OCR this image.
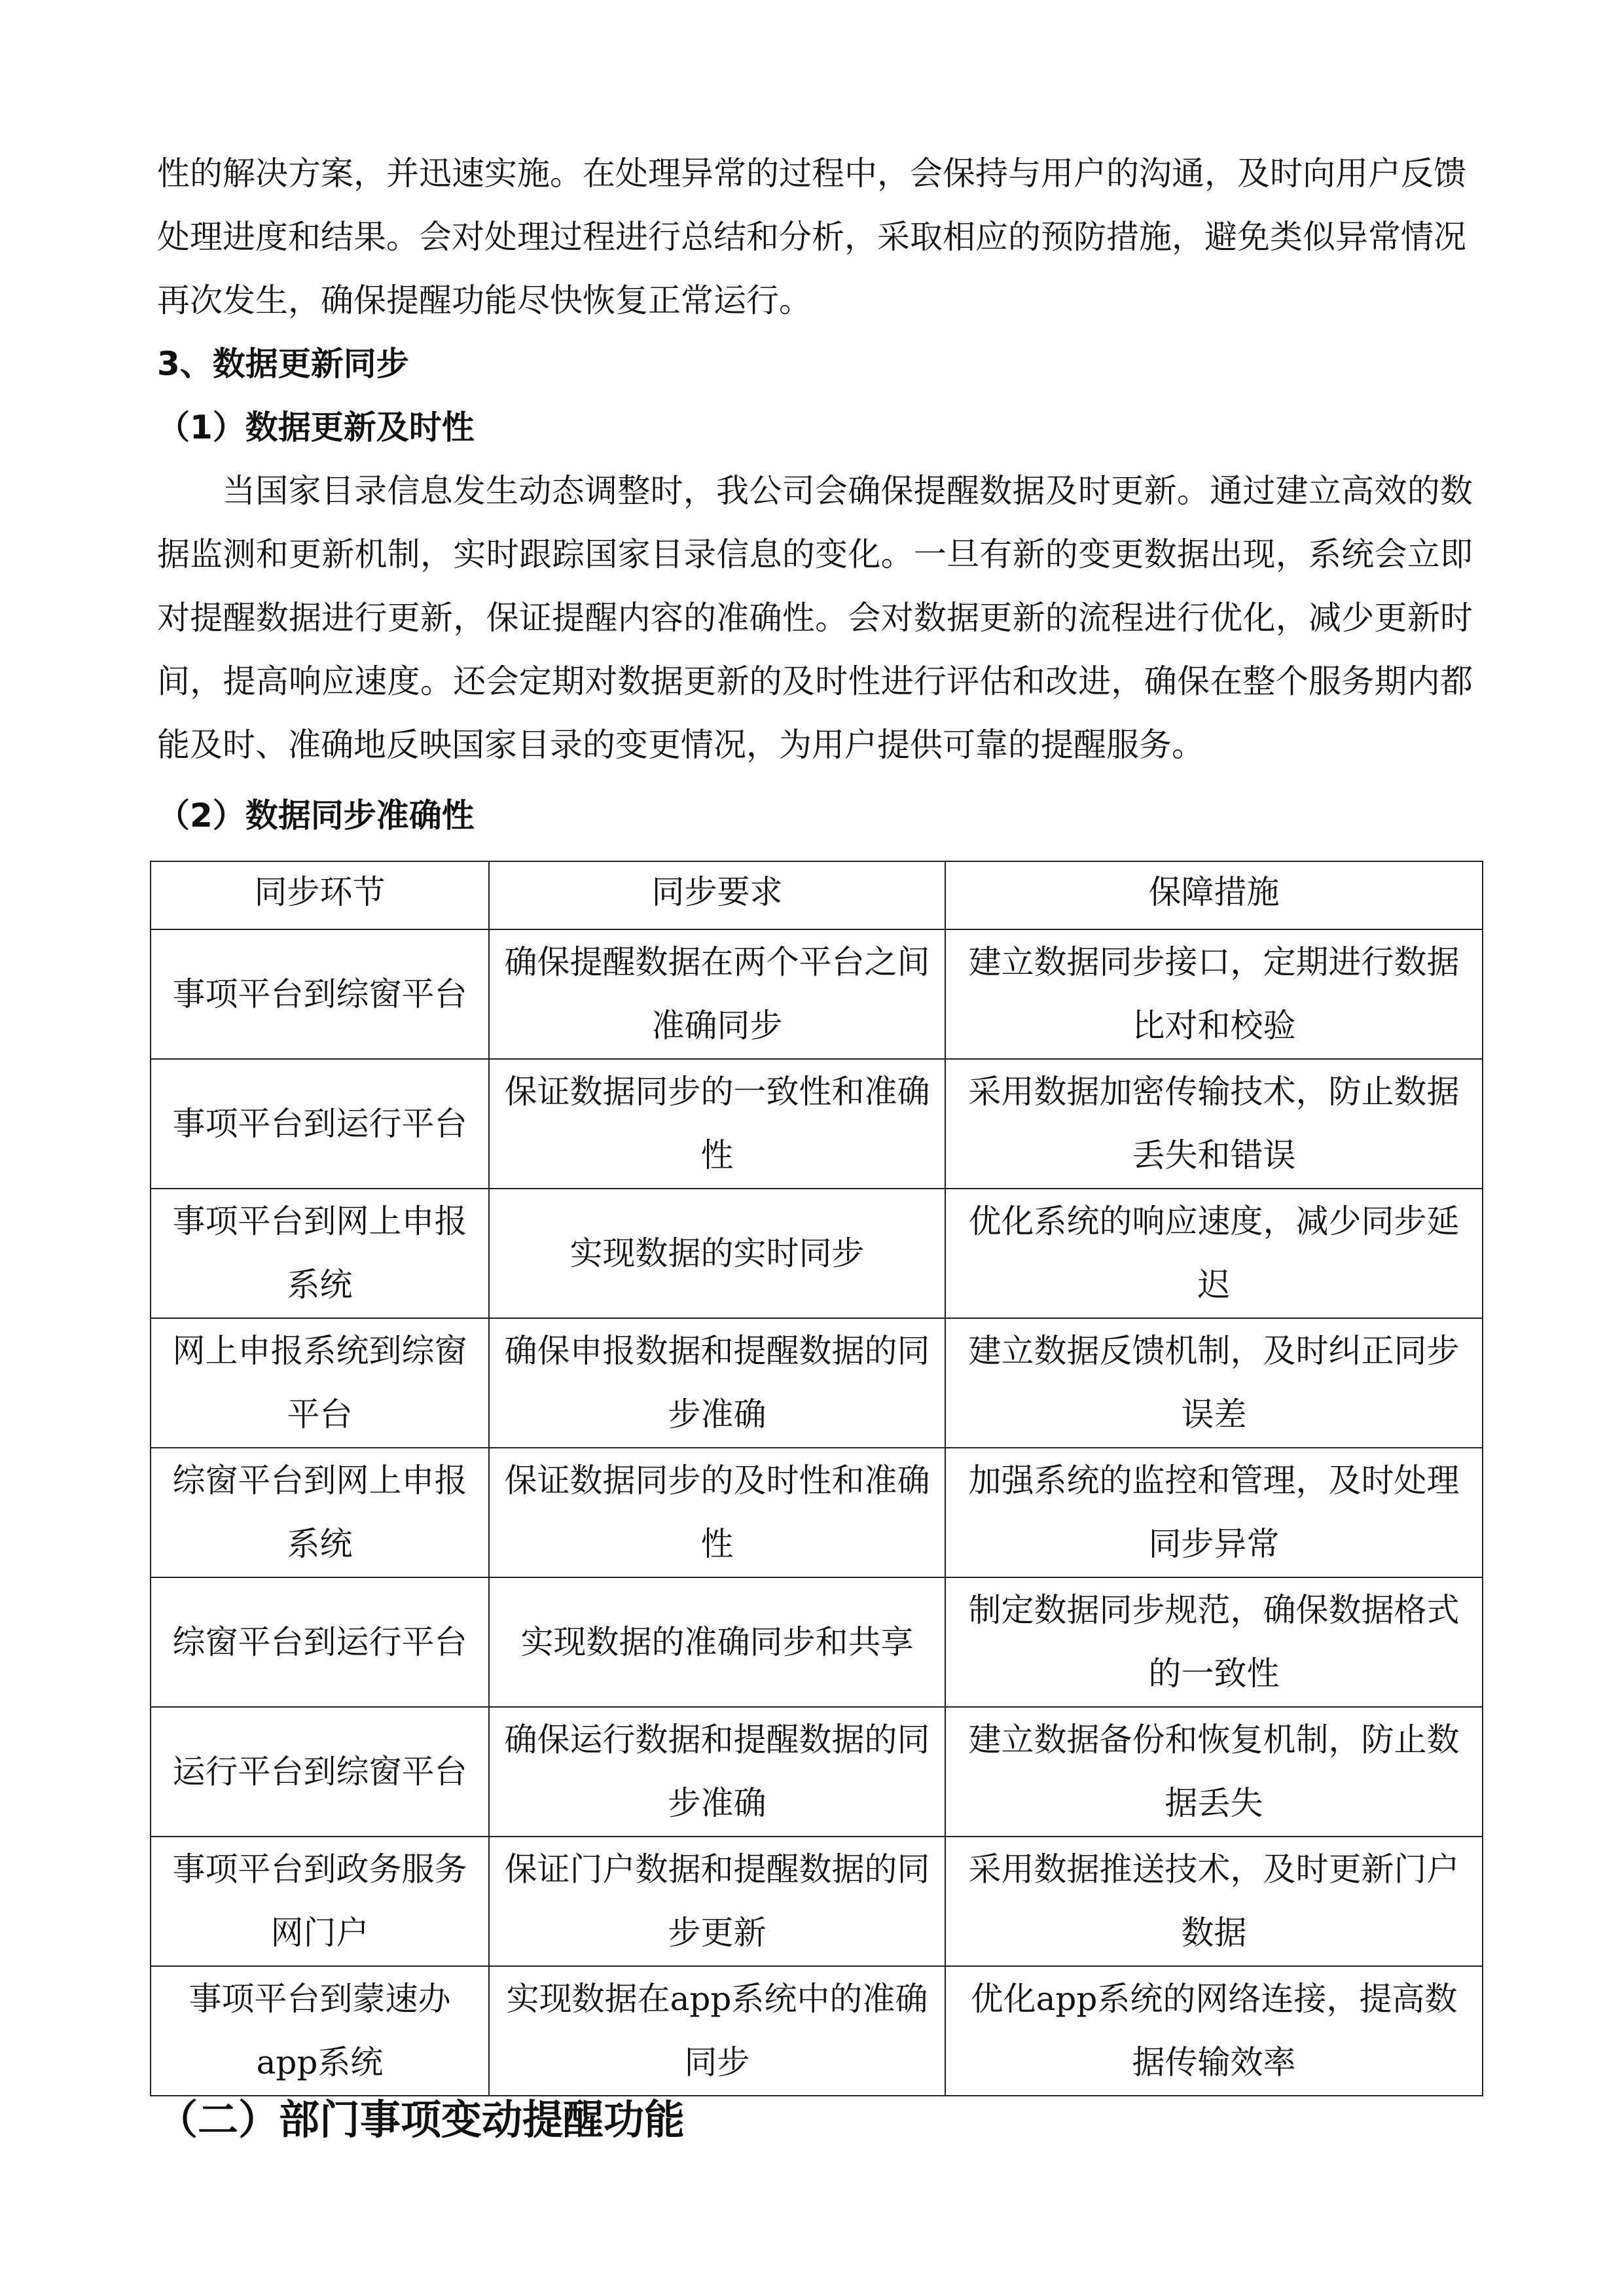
性的解决方案，并迅速实施。在处理异常的过程中，会保持与用户的沟通，及时向用户反馈
处理进度和结果。会对处理过程进行总结和分析，采取相应的预防措施，避免类似异常情况
再次发生，确保提醒功能尽快恢复正常运行。
3、数据更新同步
（1）数据更新及时性
当国家目录信息发生动态调整时，我公司会确保提醒数据及时更新。通过建立高效的数据监测和更新机制，实时跟踪国家目录信息的变化。一旦有新的变更数据出现，系统会立即对提醒数据进行更新，保证提醒内容的准确性。会对数据更新的流程进行优化，减少更新时间，提高响应速度。还会定期对数据更新的及时性进行评估和改进，确保在整个服务期内都能及时、准确地反映国家目录的变更情况，为用户提供可靠的提醒服务。
（2）数据同步准确性
同步环节	同步要求	保障措施
事项平台到综窗平台	确保提醒数据在两个平台之间准确同步	建立数据同步接口，定期进行数据比对和校验
事项平台到运行平台	保证数据同步的一致性和准确性	采用数据加密传输技术，防止数据丢失和错误
事项平台到网上申报系统	实现数据的实时同步	优化系统的响应速度，减少同步延迟
网上申报系统到综窗平台	确保申报数据和提醒数据的同步准确	建立数据反馈机制，及时纠正同步误差
综窗平台到网上申报系统	保证数据同步的及时性和准确性	加强系统的监控和管理，及时处理同步异常
综窗平台到运行平台	实现数据的准确同步和共享	制定数据同步规范，确保数据格式的一致性
运行平台到综窗平台	确保运行数据和提醒数据的同步准确	建立数据备份和恢复机制，防止数据丢失
事项平台到政务服务网门户	保证门户数据和提醒数据的同步更新	采用数据推送技术，及时更新门户数据
事项平台到蒙速办app系统	实现数据在app系统中的准确同步	优化app系统的网络连接，提高数据传输效率
（二）部门事项变动提醒功能
